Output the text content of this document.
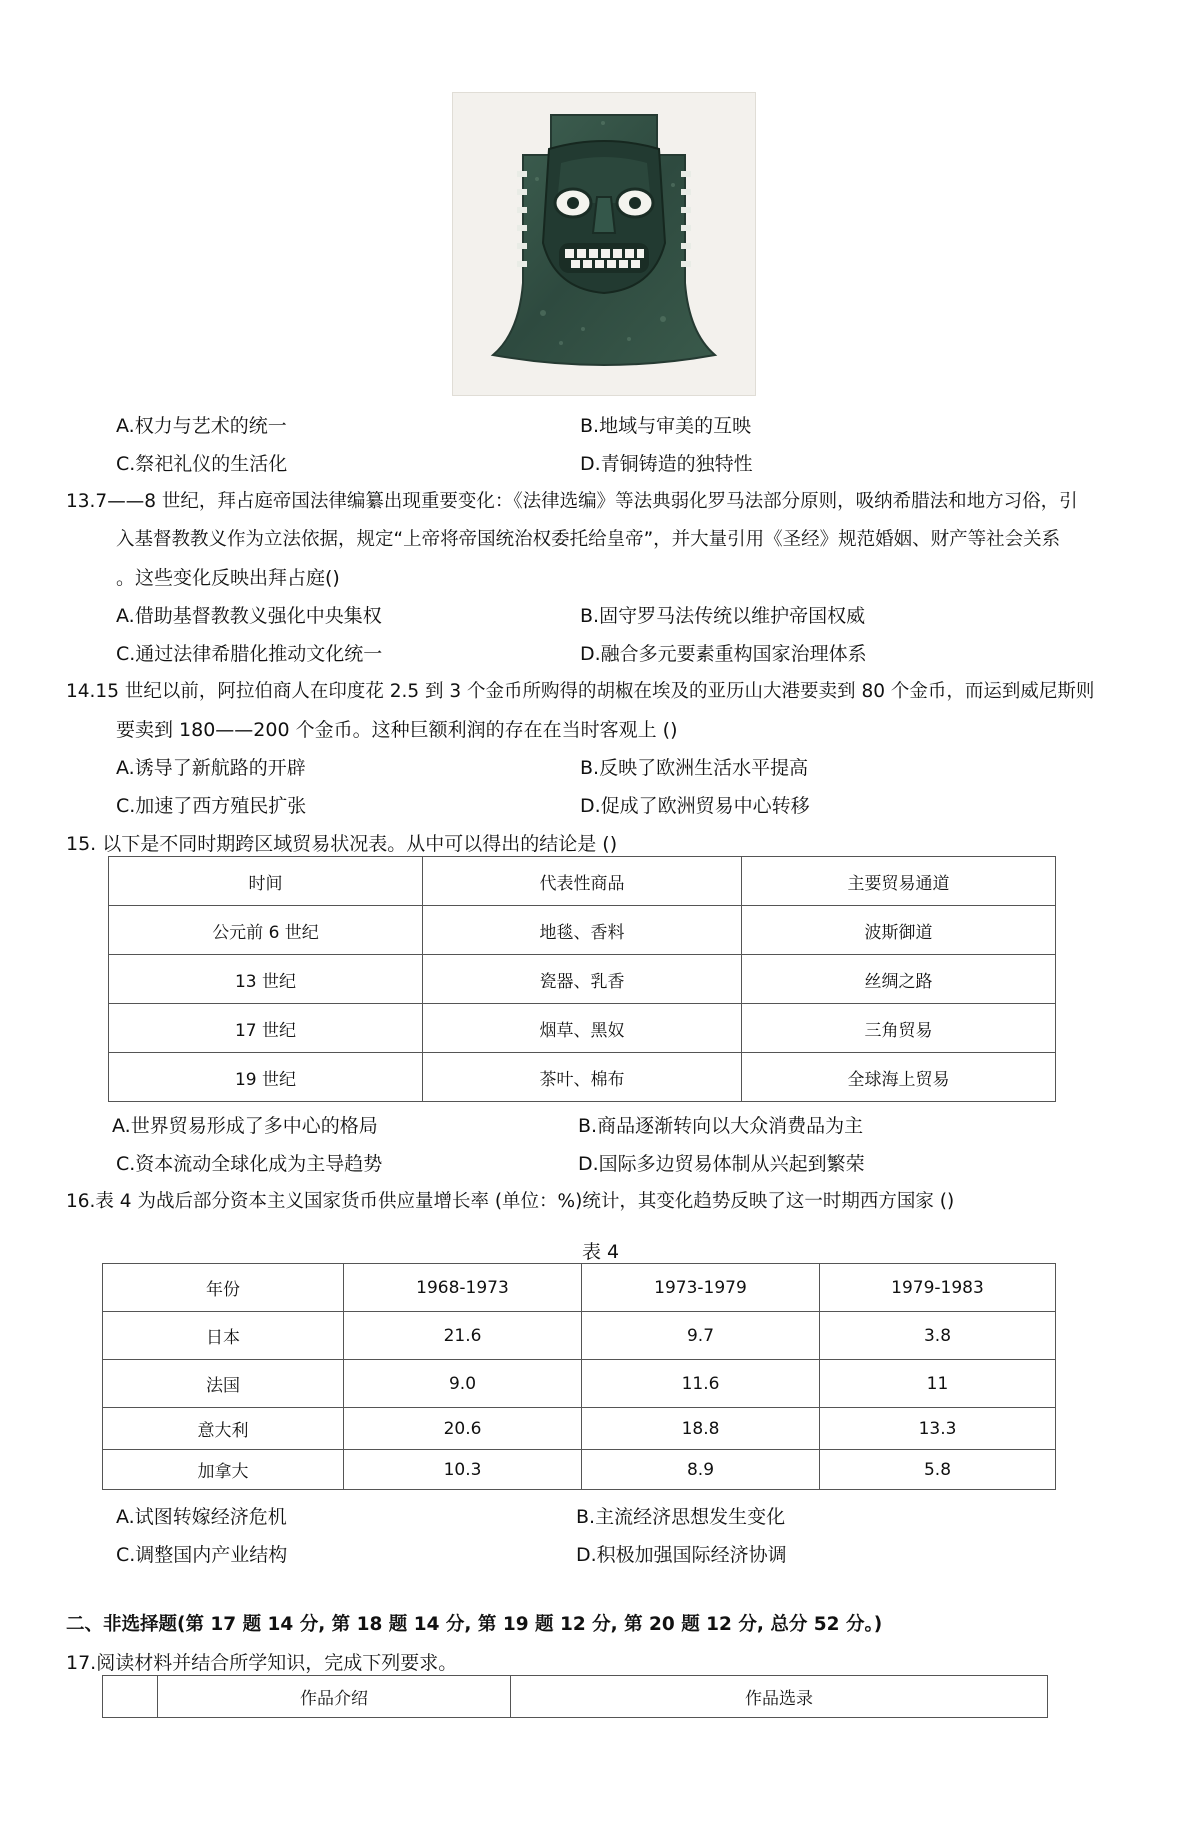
A.权力与艺术的统一	B.地域与审美的互映
C.祭祀礼仪的生活化	D.青铜铸造的独特性
13.7——8 世纪，拜占庭帝国法律编纂出现重要变化：《法律选编》等法典弱化罗马法部分原则，吸纳希腊法和地方习俗，引
入基督教教义作为立法依据，规定“上帝将帝国统治权委托给皇帝”，并大量引用《圣经》规范婚姻、财产等社会关系
。这些变化反映出拜占庭()
A.借助基督教教义强化中央集权	B.固守罗马法传统以维护帝国权威
C.通过法律希腊化推动文化统一	D.融合多元要素重构国家治理体系
14.15 世纪以前，阿拉伯商人在印度花 2.5 到 3 个金币所购得的胡椒在埃及的亚历山大港要卖到 80 个金币，而运到威尼斯则
要卖到 180——200 个金币。这种巨额利润的存在在当时客观上 ()
A.诱导了新航路的开辟	B.反映了欧洲生活水平提高
C.加速了西方殖民扩张	D.促成了欧洲贸易中心转移
15. 以下是不同时期跨区域贸易状况表。从中可以得出的结论是 ()
时间	代表性商品	主要贸易通道
公元前 6 世纪	地毯、香料	波斯御道
13 世纪	瓷器、乳香	丝绸之路
17 世纪	烟草、黑奴	三角贸易
19 世纪	茶叶、棉布	全球海上贸易
A.世界贸易形成了多中心的格局	B.商品逐渐转向以大众消费品为主
C.资本流动全球化成为主导趋势	D.国际多边贸易体制从兴起到繁荣
16.表 4 为战后部分资本主义国家货币供应量增长率 (单位：%)统计，其变化趋势反映了这一时期西方国家 ()
表 4
年份	1968-1973	1973-1979	1979-1983
日本	21.6	9.7	3.8
法国	9.0	11.6	11
意大利	20.6	18.8	13.3
加拿大	10.3	8.9	5.8
A.试图转嫁经济危机	B.主流经济思想发生变化
C.调整国内产业结构	D.积极加强国际经济协调
二、非选择题(第 17 题 14 分, 第 18 题 14 分, 第 19 题 12 分, 第 20 题 12 分, 总分 52 分。)
17.阅读材料并结合所学知识，完成下列要求。
	作品介绍	作品选录
